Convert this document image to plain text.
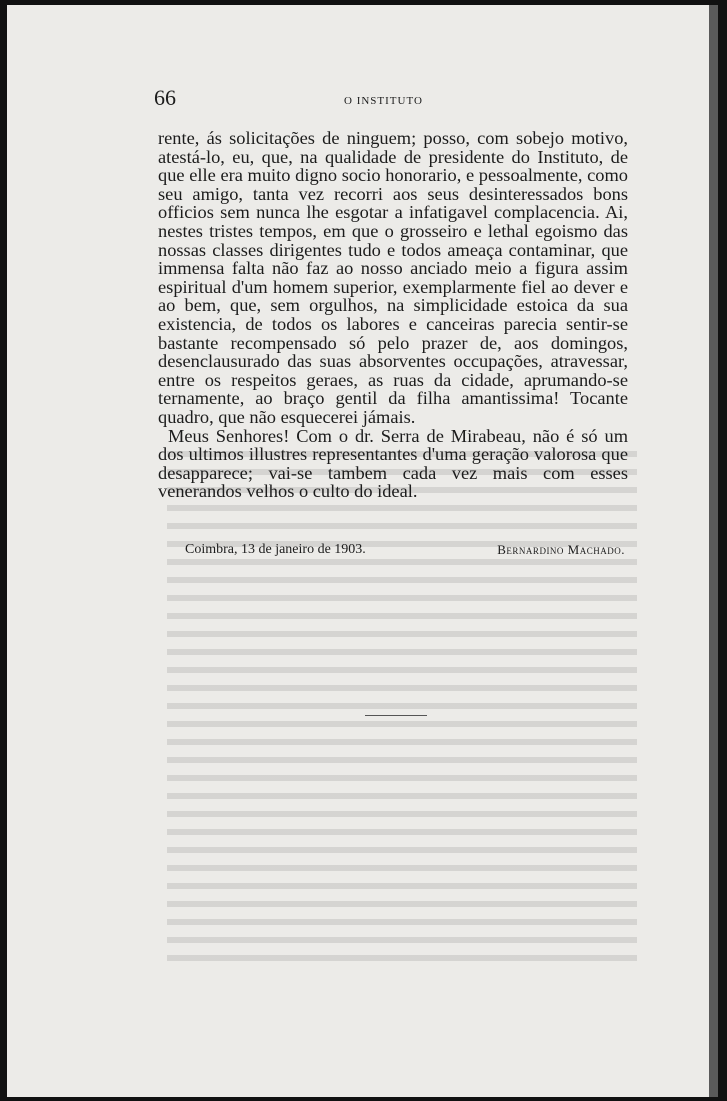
66	O INSTITUTO

rente, ás solicitações de ninguem; posso, com sobejo motivo, atestá-lo, eu, que, na qualidade de presidente do Instituto, de que elle era muito digno socio honorario, e pessoalmente, como seu amigo, tanta vez recorri aos seus desinteressados bons officios sem nunca lhe esgotar a infatigavel complacencia. Ai, nestes tristes tempos, em que o grosseiro e lethal egoismo das nossas classes dirigentes tudo e todos ameaça contaminar, que immensa falta não faz ao nosso anciado meio a figura assim espiritual d'um homem superior, exemplarmente fiel ao dever e ao bem, que, sem orgulhos, na simplicidade estoica da sua existencia, de todos os labores e canceiras parecia sentir-se bastante recompensado só pelo prazer de, aos domingos, desenclausurado das suas absorventes occupações, atravessar, entre os respeitos geraes, as ruas da cidade, aprumando-se ternamente, ao braço gentil da filha amantissima! Tocante quadro, que não esquecerei jámais.

Meus Senhores! Com o dr. Serra de Mirabeau, não é só um dos ultimos illustres representantes d'uma geração valorosa que desapparece; vai-se tambem cada vez mais com esses venerandos velhos o culto do ideal.

Coimbra, 13 de janeiro de 1903.	Bernardino Machado.
